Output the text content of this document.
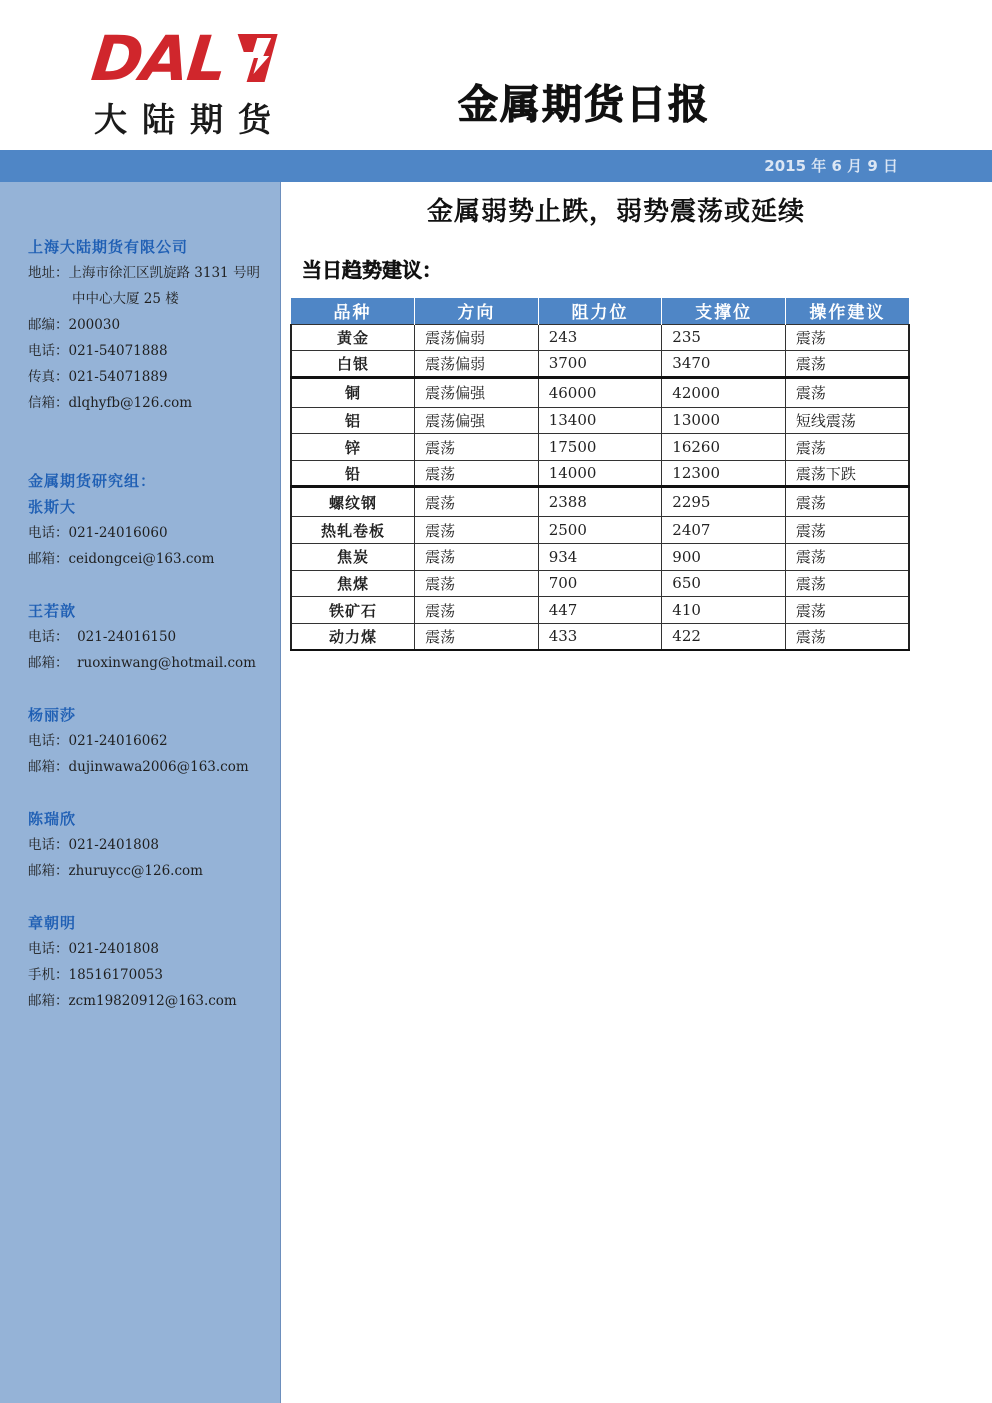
DAL
大陆期货	金属期货日报
2015 年 6 月 9 日
上海大陆期货有限公司
地址： 上海市徐汇区凯旋路 3131 号明
中中心大厦 25 楼
邮编： 200030
电话： 021-54071888
传真： 021-54071889
信箱： dlqhyfb@126.com
金属期货研究组：
张斯大
电话： 021-24016060
邮箱： ceidongcei@163.com
王若歆
电话： 021-24016150
邮箱： ruoxinwang@hotmail.com
杨丽莎
电话： 021-24016062
邮箱： dujinwawa2006@163.com
陈瑞欣
电话： 021-2401808
邮箱： zhuruycc@126.com
章朝明
电话： 021-2401808
手机： 18516170053
邮箱： zcm19820912@163.com
金属弱势止跌，弱势震荡或延续
当日趋势建议：
品种	方向	阻力位	支撑位	操作建议
黄金	震荡偏弱	243	235	震荡
白银	震荡偏弱	3700	3470	震荡
铜	震荡偏强	46000	42000	震荡
铝	震荡偏强	13400	13000	短线震荡
锌	震荡	17500	16260	震荡
铅	震荡	14000	12300	震荡下跌
螺纹钢	震荡	2388	2295	震荡
热轧卷板	震荡	2500	2407	震荡
焦炭	震荡	934	900	震荡
焦煤	震荡	700	650	震荡
铁矿石	震荡	447	410	震荡
动力煤	震荡	433	422	震荡
